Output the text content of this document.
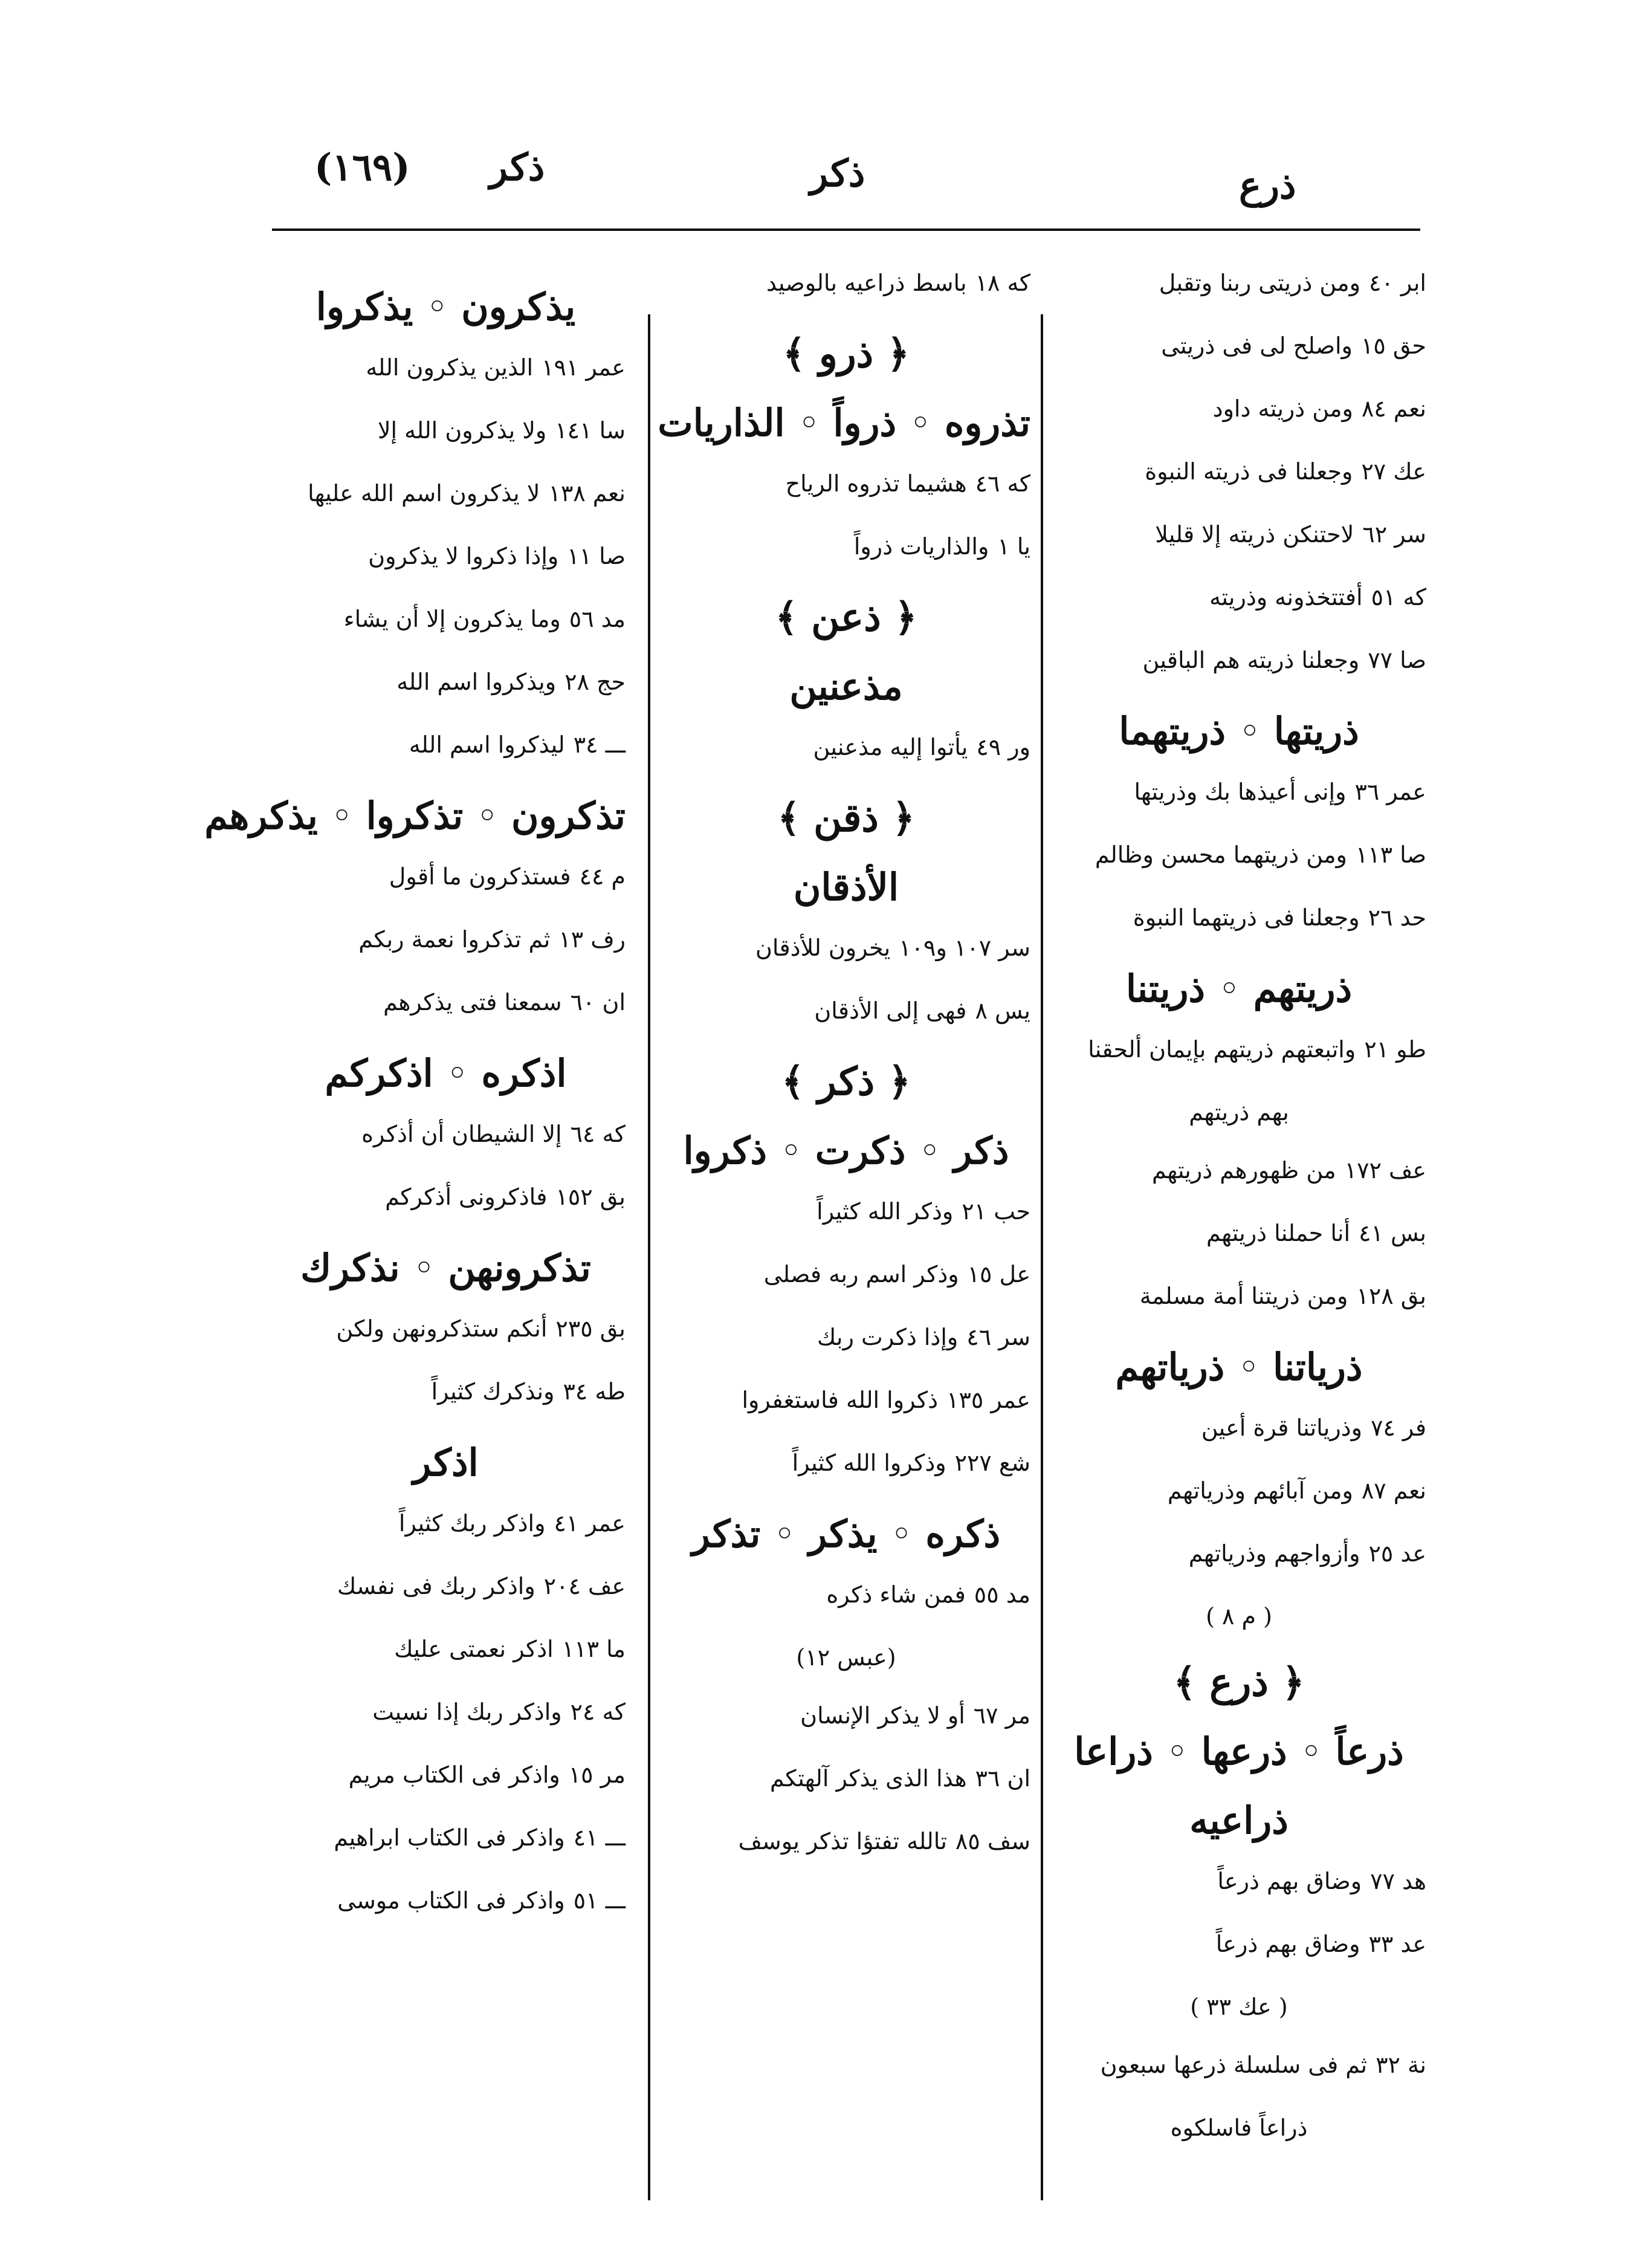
(١٦٩) ذكر	ذكر	ذرع
ابر ٤٠ومن ذريتى ربنا وتقبل
حق ١٥واصلح لى فى ذريتى
نعم ٨٤ومن ذريته داود
عك ٢٧وجعلنا فى ذريته النبوة
سر ٦٢لاحتنكن ذريته إلا قليلا
كه ٥١أفتتخذونه وذريته
صا ٧٧وجعلنا ذريته هم الباقين
ذريتها ◦ ذريتهما
عمر ٣٦وإنى أعيذها بك وذريتها
صا ١١٣ومن ذريتهما محسن وظالم
حد ٢٦وجعلنا فى ذريتهما النبوة
ذريتهم ◦ ذريتنا
طو ٢١واتبعتهم ذريتهم بإيمان ألحقنا
بهم ذريتهم
عف ١٧٢من ظهورهم ذريتهم
بس ٤١أنا حملنا ذريتهم
بق ١٢٨ومن ذريتنا أمة مسلمة
ذرياتنا ◦ ذرياتهم
فر ٧٤وذرياتنا قرة أعين
نعم ٨٧ومن آبائهم وذرياتهم
عد ٢٥وأزواجهم وذرياتهم
( م ٨ )
﴿ ذرع ﴾
ذرعاً ◦ ذرعها ◦ ذراعا
ذراعيه
هد ٧٧وضاق بهم ذرعاً
عد ٣٣وضاق بهم ذرعاً
( عك ٣٣ )
نة ٣٢ثم فى سلسلة ذرعها سبعون
ذراعاً فاسلكوه
كه ١٨باسط ذراعيه بالوصيد
﴿ ذرو ﴾
تذروه ◦ ذرواً ◦ الذاريات
كه ٤٦هشيما تذروه الرياح
يا ١والذاريات ذرواً
﴿ ذعن ﴾
مذعنين
ور ٤٩يأتوا إليه مذعنين
﴿ ذقن ﴾
الأذقان
سر ١٠٧ و١٠٩يخرون للأذقان
يس ٨فهى إلى الأذقان
﴿ ذكر ﴾
ذكر ◦ ذكرت ◦ ذكروا
حب ٢١وذكر الله كثيراً
عل ١٥وذكر اسم ربه فصلى
سر ٤٦وإذا ذكرت ربك
عمر ١٣٥ذكروا الله فاستغفروا
شع ٢٢٧وذكروا الله كثيراً
ذكره ◦ يذكر ◦ تذكر
مد ٥٥فمن شاء ذكره
(عبس ١٢)
مر ٦٧أو لا يذكر الإنسان
ان ٣٦هذا الذى يذكر آلهتكم
سف ٨٥تالله تفتؤا تذكر يوسف
يذكرون ◦ يذكروا
عمر ١٩١الذين يذكرون الله
سا ١٤١ولا يذكرون الله إلا
نعم ١٣٨لا يذكرون اسم الله عليها
صا ١١وإذا ذكروا لا يذكرون
مد ٥٦وما يذكرون إلا أن يشاء
حج ٢٨ويذكروا اسم الله
ـــ ٣٤ليذكروا اسم الله
تذكرون ◦ تذكروا ◦ يذكرهم
م ٤٤فستذكرون ما أقول
رف ١٣ثم تذكروا نعمة ربكم
ان ٦٠سمعنا فتى يذكرهم
اذكره ◦ اذكركم
كه ٦٤إلا الشيطان أن أذكره
بق ١٥٢فاذكرونى أذكركم
تذكرونهن ◦ نذكرك
بق ٢٣٥أنكم ستذكرونهن ولكن
طه ٣٤ونذكرك كثيراً
اذكر
عمر ٤١واذكر ربك كثيراً
عف ٢٠٤واذكر ربك فى نفسك
ما ١١٣اذكر نعمتى عليك
كه ٢٤واذكر ربك إذا نسيت
مر ١٥واذكر فى الكتاب مريم
ـــ ٤١واذكر فى الكتاب ابراهيم
ـــ ٥١واذكر فى الكتاب موسى
